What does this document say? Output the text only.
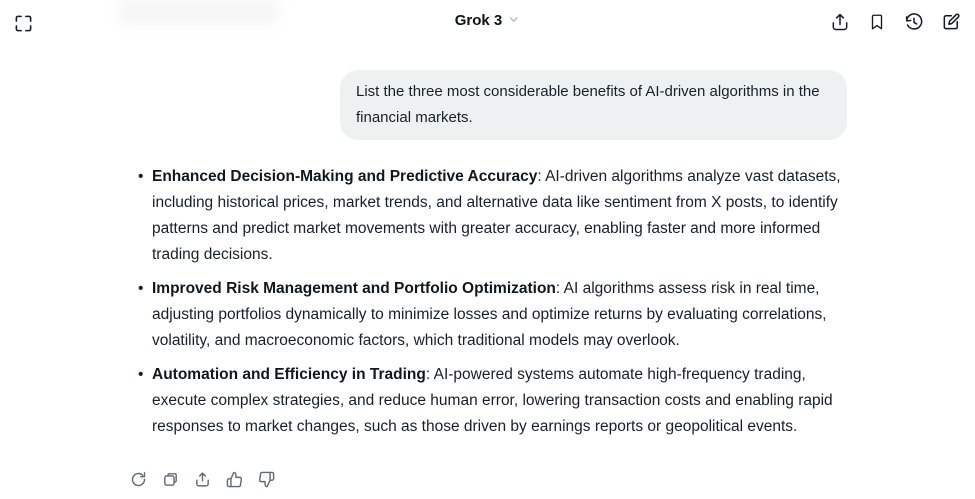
Grok 3
List the three most considerable benefits of AI-driven algorithms in the financial markets.
• Enhanced Decision-Making and Predictive Accuracy: AI-driven algorithms analyze vast datasets, including historical prices, market trends, and alternative data like sentiment from X posts, to identify patterns and predict market movements with greater accuracy, enabling faster and more informed trading decisions.
• Improved Risk Management and Portfolio Optimization: AI algorithms assess risk in real time, adjusting portfolios dynamically to minimize losses and optimize returns by evaluating correlations, volatility, and macroeconomic factors, which traditional models may overlook.
• Automation and Efficiency in Trading: AI-powered systems automate high-frequency trading, execute complex strategies, and reduce human error, lowering transaction costs and enabling rapid responses to market changes, such as those driven by earnings reports or geopolitical events.
